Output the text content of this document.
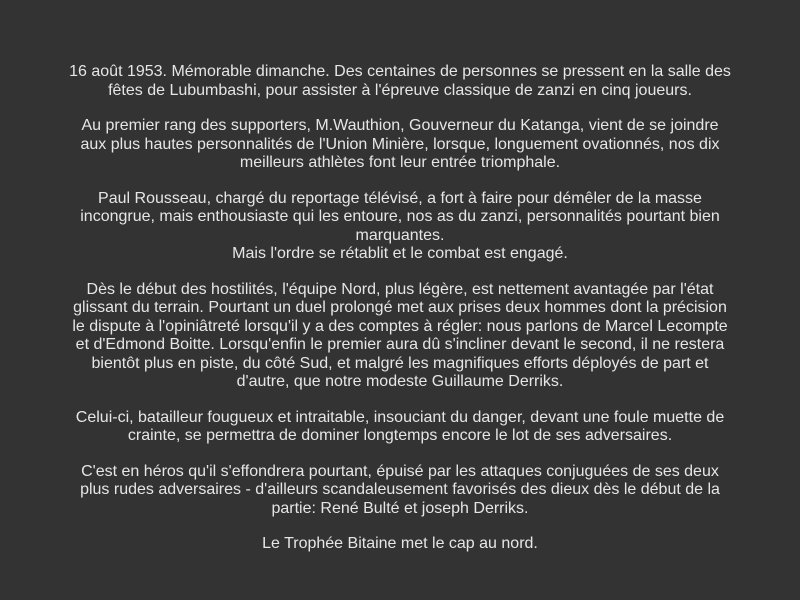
16 août 1953. Mémorable dimanche. Des centaines de personnes se pressent en la salle des
fêtes de Lubumbashi, pour assister à l'épreuve classique de zanzi en cinq joueurs.

Au premier rang des supporters, M.Wauthion, Gouverneur du Katanga, vient de se joindre
aux plus hautes personnalités de l'Union Minière, lorsque, longuement ovationnés, nos dix
meilleurs athlètes font leur entrée triomphale.

Paul Rousseau, chargé du reportage télévisé, a fort à faire pour démêler de la masse
incongrue, mais enthousiaste qui les entoure, nos as du zanzi, personnalités pourtant bien
marquantes.
Mais l'ordre se rétablit et le combat est engagé.

Dès le début des hostilités, l'équipe Nord, plus légère, est nettement avantagée par l'état
glissant du terrain. Pourtant un duel prolongé met aux prises deux hommes dont la précision
le dispute à l'opiniâtreté lorsqu'il y a des comptes à régler: nous parlons de Marcel Lecompte
et d'Edmond Boitte. Lorsqu'enfin le premier aura dû s'incliner devant le second, il ne restera
bientôt plus en piste, du côté Sud, et malgré les magnifiques efforts déployés de part et
d'autre, que notre modeste Guillaume Derriks.

Celui-ci, batailleur fougueux et intraitable, insouciant du danger, devant une foule muette de
crainte, se permettra de dominer longtemps encore le lot de ses adversaires.

C'est en héros qu'il s'effondrera pourtant, épuisé par les attaques conjuguées de ses deux
plus rudes adversaires - d'ailleurs scandaleusement favorisés des dieux dès le début de la
partie: René Bulté et joseph Derriks.

Le Trophée Bitaine met le cap au nord.
